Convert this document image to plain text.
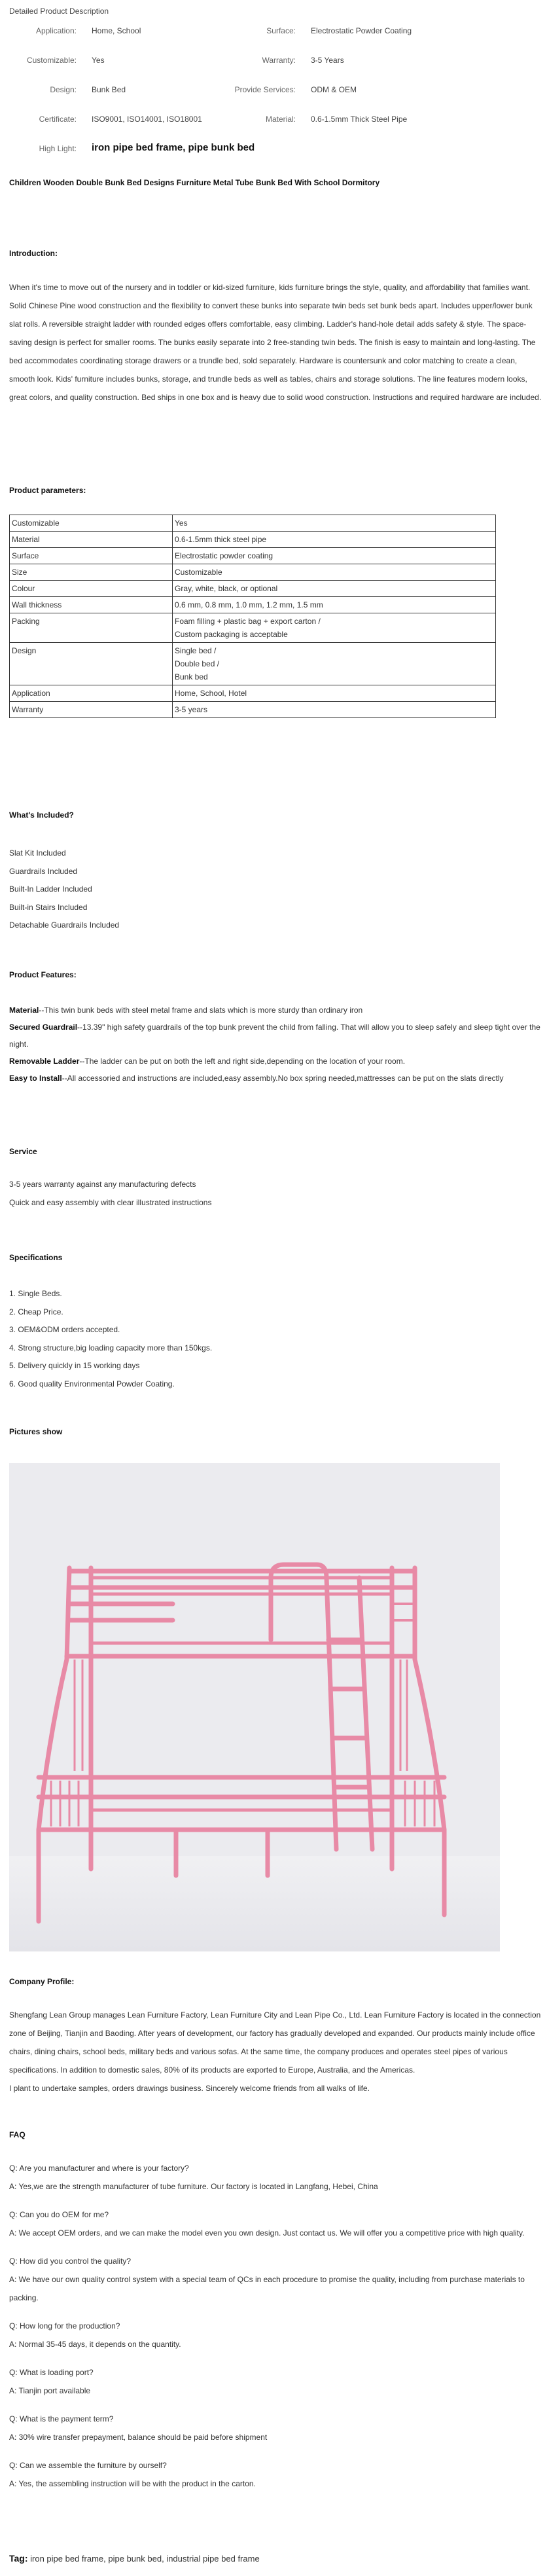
Detailed Product Description
Application: Home, School	Surface: Electrostatic Powder Coating
Customizable: Yes	Warranty: 3-5 Years
Design: Bunk Bed	Provide Services: ODM & OEM
Certificate: ISO9001, ISO14001, ISO18001	Material: 0.6-1.5mm Thick Steel Pipe
High Light: iron pipe bed frame, pipe bunk bed
Children Wooden Double Bunk Bed Designs Furniture Metal Tube Bunk Bed With School Dormitory
Introduction:
When it's time to move out of the nursery and in toddler or kid-sized furniture, kids furniture brings the style, quality, and affordability that families want. Solid Chinese Pine wood construction and the flexibility to convert these bunks into separate twin beds set bunk beds apart. Includes upper/lower bunk slat rolls. A reversible straight ladder with rounded edges offers comfortable, easy climbing. Ladder's hand-hole detail adds safety & style. The space-saving design is perfect for smaller rooms. The bunks easily separate into 2 free-standing twin beds. The finish is easy to maintain and long-lasting. The bed accommodates coordinating storage drawers or a trundle bed, sold separately. Hardware is countersunk and color matching to create a clean, smooth look. Kids' furniture includes bunks, storage, and trundle beds as well as tables, chairs and storage solutions. The line features modern looks, great colors, and quality construction. Bed ships in one box and is heavy due to solid wood construction. Instructions and required hardware are included.
Product parameters:
Customizable	Yes

Material	0.6-1.5mm thick steel pipe

Surface	Electrostatic powder coating

Size	Customizable

Colour	Gray, white, black, or optional

Wall thickness	0.6 mm, 0.8 mm, 1.0 mm, 1.2 mm, 1.5 mm

Packing	Foam filling + plastic bag + export carton /
Custom packaging is acceptable

Design	Single bed /
Double bed /
Bunk bed

Application	Home, School, Hotel

Warranty	3-5 years
What's Included?
Slat Kit Included
Guardrails Included
Built-In Ladder Included
Built-in Stairs Included
Detachable Guardrails Included
Product Features:
Material--This twin bunk beds with steel metal frame and slats which is more sturdy than ordinary iron
Secured Guardrail--13.39" high safety guardrails of the top bunk prevent the child from falling. That will allow you to sleep safely and sleep tight over the night.
Removable Ladder--The ladder can be put on both the left and right side,depending on the location of your room.
Easy to Install--All accessoried and instructions are included,easy assembly.No box spring needed,mattresses can be put on the slats directly
Service
3-5 years warranty against any manufacturing defects
Quick and easy assembly with clear illustrated instructions
Specifications
1. Single Beds.
2. Cheap Price.
3. OEM&ODM orders accepted.
4. Strong structure,big loading capacity more than 150kgs.
5. Delivery quickly in 15 working days
6. Good quality Environmental Powder Coating.
Pictures show
Company Profile:
Shengfang Lean Group manages Lean Furniture Factory, Lean Furniture City and Lean Pipe Co., Ltd. Lean Furniture Factory is located in the connection zone of Beijing, Tianjin and Baoding. After years of development, our factory has gradually developed and expanded. Our products mainly include office chairs, dining chairs, school beds, military beds and various sofas. At the same time, the company produces and operates steel pipes of various specifications. In addition to domestic sales, 80% of its products are exported to Europe, Australia, and the Americas.
I plant to undertake samples, orders drawings business. Sincerely welcome friends from all walks of life.
FAQ
Q: Are you manufacturer and where is your factory?
A: Yes,we are the strength manufacturer of tube furniture. Our factory is located in Langfang, Hebei, China
Q: Can you do OEM for me?
A: We accept OEM orders, and we can make the model even you own design. Just contact us. We will offer you a competitive price with high quality.
Q: How did you control the quality?
A: We have our own quality control system with a special team of QCs in each procedure to promise the quality, including from purchase materials to packing.
Q: How long for the production?
A: Normal 35-45 days, it depends on the quantity.
Q: What is loading port?
A: Tianjin port available
Q: What is the payment term?
A: 30% wire transfer prepayment, balance should be paid before shipment
Q: Can we assemble the furniture by ourself?
A: Yes, the assembling instruction will be with the product in the carton.
Tag: iron pipe bed frame, pipe bunk bed, industrial pipe bed frame
